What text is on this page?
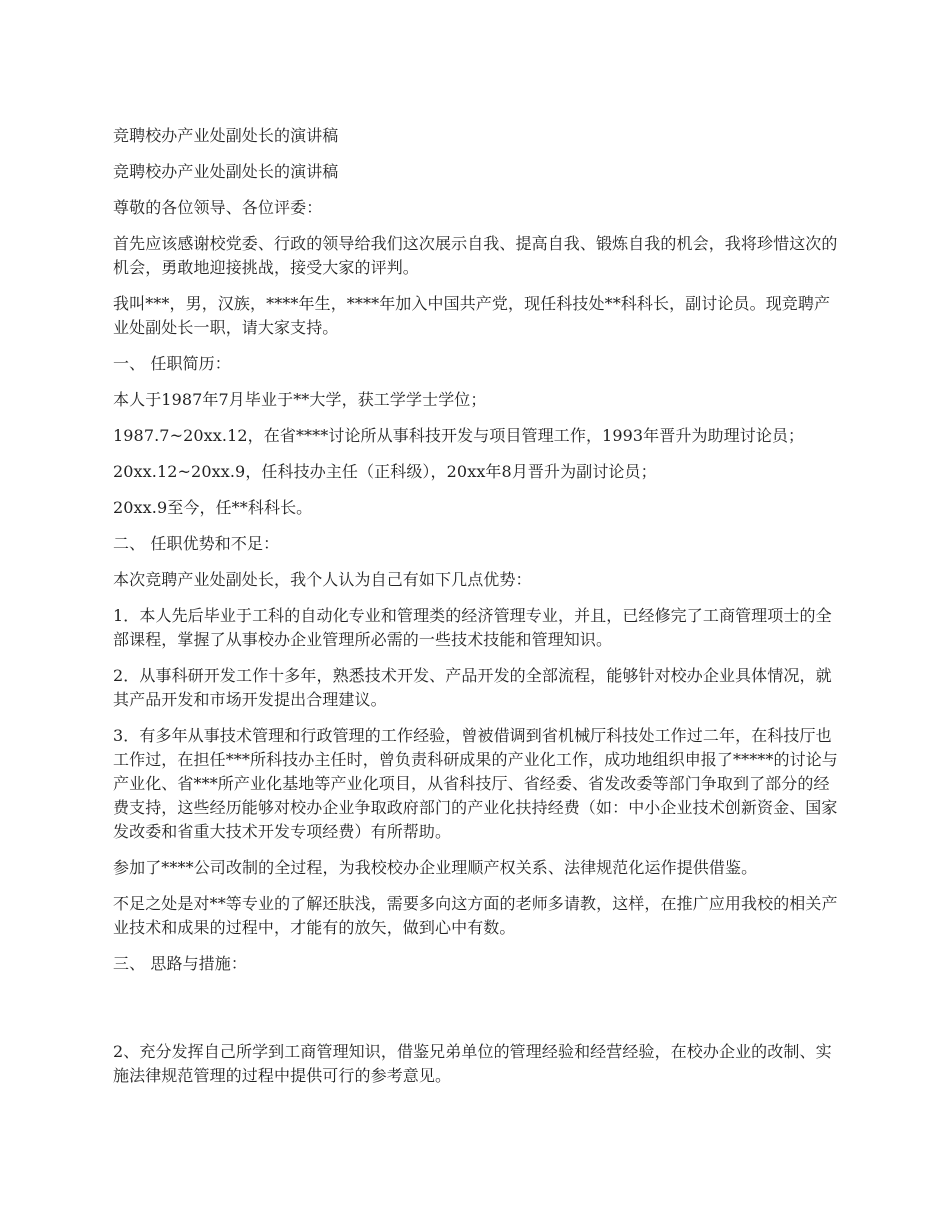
竞聘校办产业处副处长的演讲稿

竞聘校办产业处副处长的演讲稿

尊敬的各位领导、各位评委：

首先应该感谢校党委、行政的领导给我们这次展示自我、提高自我、锻炼自我的机会，我将珍惜这次的机会，勇敢地迎接挑战，接受大家的评判。

我叫***，男，汉族，****年生，****年加入中国共产党，现任科技处**科科长，副讨论员。现竞聘产业处副处长一职，请大家支持。

一、 任职简历：

本人于1987年7月毕业于**大学，获工学学士学位；

1987.7~20xx.12，在省****讨论所从事科技开发与项目管理工作，1993年晋升为助理讨论员；

20xx.12~20xx.9，任科技办主任（正科级），20xx年8月晋升为副讨论员；

20xx.9至今，任**科科长。

二、 任职优势和不足：

本次竞聘产业处副处长，我个人认为自己有如下几点优势：

1．本人先后毕业于工科的自动化专业和管理类的经济管理专业，并且，已经修完了工商管理项士的全部课程，掌握了从事校办企业管理所必需的一些技术技能和管理知识。

2．从事科研开发工作十多年，熟悉技术开发、产品开发的全部流程，能够针对校办企业具体情况，就其产品开发和市场开发提出合理建议。

3．有多年从事技术管理和行政管理的工作经验，曾被借调到省机械厅科技处工作过二年，在科技厅也工作过，在担任***所科技办主任时，曾负责科研成果的产业化工作，成功地组织申报了*****的讨论与产业化、省***所产业化基地等产业化项目，从省科技厅、省经委、省发改委等部门争取到了部分的经费支持，这些经历能够对校办企业争取政府部门的产业化扶持经费（如：中小企业技术创新资金、国家发改委和省重大技术开发专项经费）有所帮助。

参加了****公司改制的全过程，为我校校办企业理顺产权关系、法律规范化运作提供借鉴。

不足之处是对**等专业的了解还肤浅，需要多向这方面的老师多请教，这样，在推广应用我校的相关产业技术和成果的过程中，才能有的放矢，做到心中有数。

三、 思路与措施：

2、充分发挥自己所学到工商管理知识，借鉴兄弟单位的管理经验和经营经验，在校办企业的改制、实施法律规范管理的过程中提供可行的参考意见。
